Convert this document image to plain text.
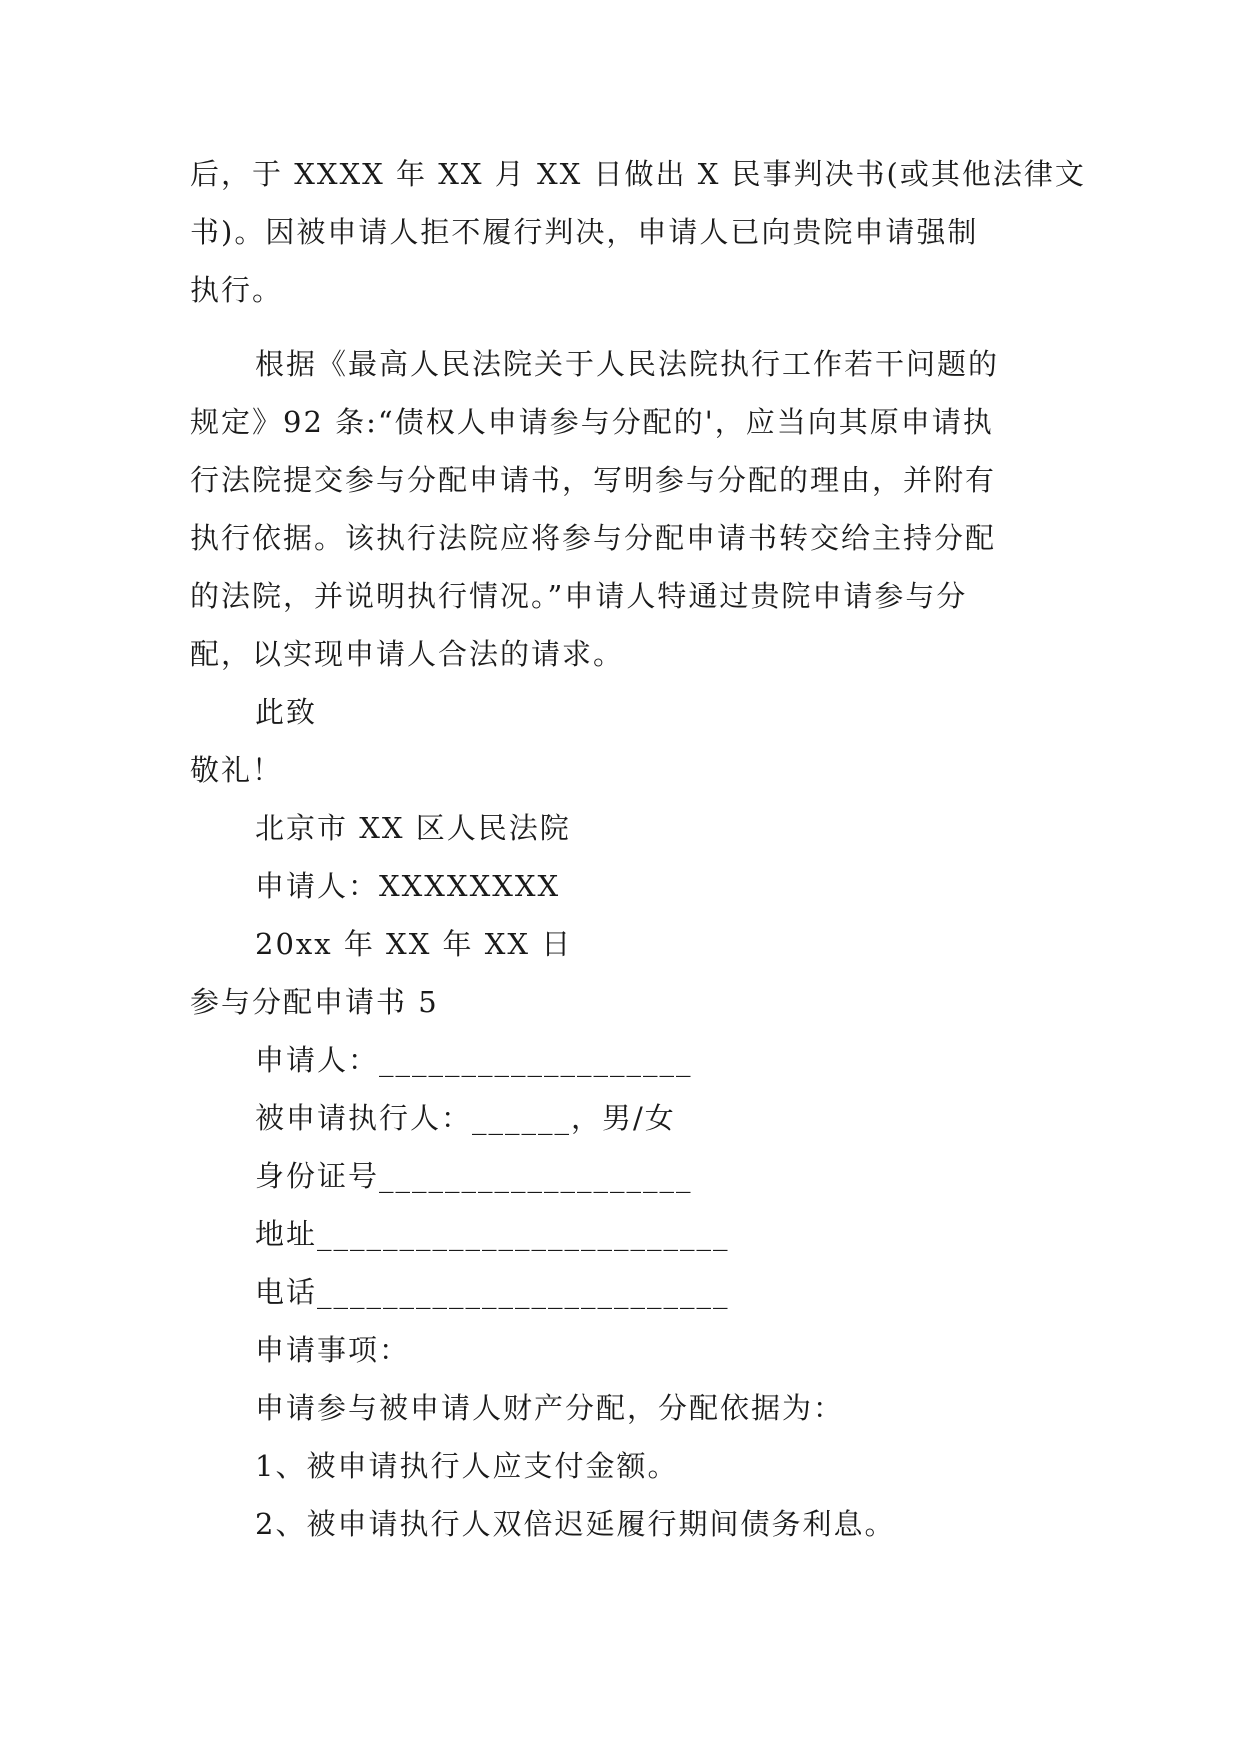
后，于 XXXX 年 XX 月 XX 日做出 X 民事判决书(或其他法律文
书)。因被申请人拒不履行判决，申请人已向贵院申请强制
执行。
根据《最高人民法院关于人民法院执行工作若干问题的
规定》92 条:“债权人申请参与分配的'，应当向其原申请执
行法院提交参与分配申请书，写明参与分配的理由，并附有
执行依据。该执行法院应将参与分配申请书转交给主持分配
的法院，并说明执行情况。”申请人特通过贵院申请参与分
配，以实现申请人合法的请求。
此致
敬礼！
北京市 XX 区人民法院
申请人：XXXXXXXX
20xx 年 XX 年 XX 日
参与分配申请书 5
申请人：___________________
被申请执行人：______，男/女
身份证号___________________
地址_________________________
电话_________________________
申请事项：
申请参与被申请人财产分配，分配依据为：
1、被申请执行人应支付金额。
2、被申请执行人双倍迟延履行期间债务利息。
